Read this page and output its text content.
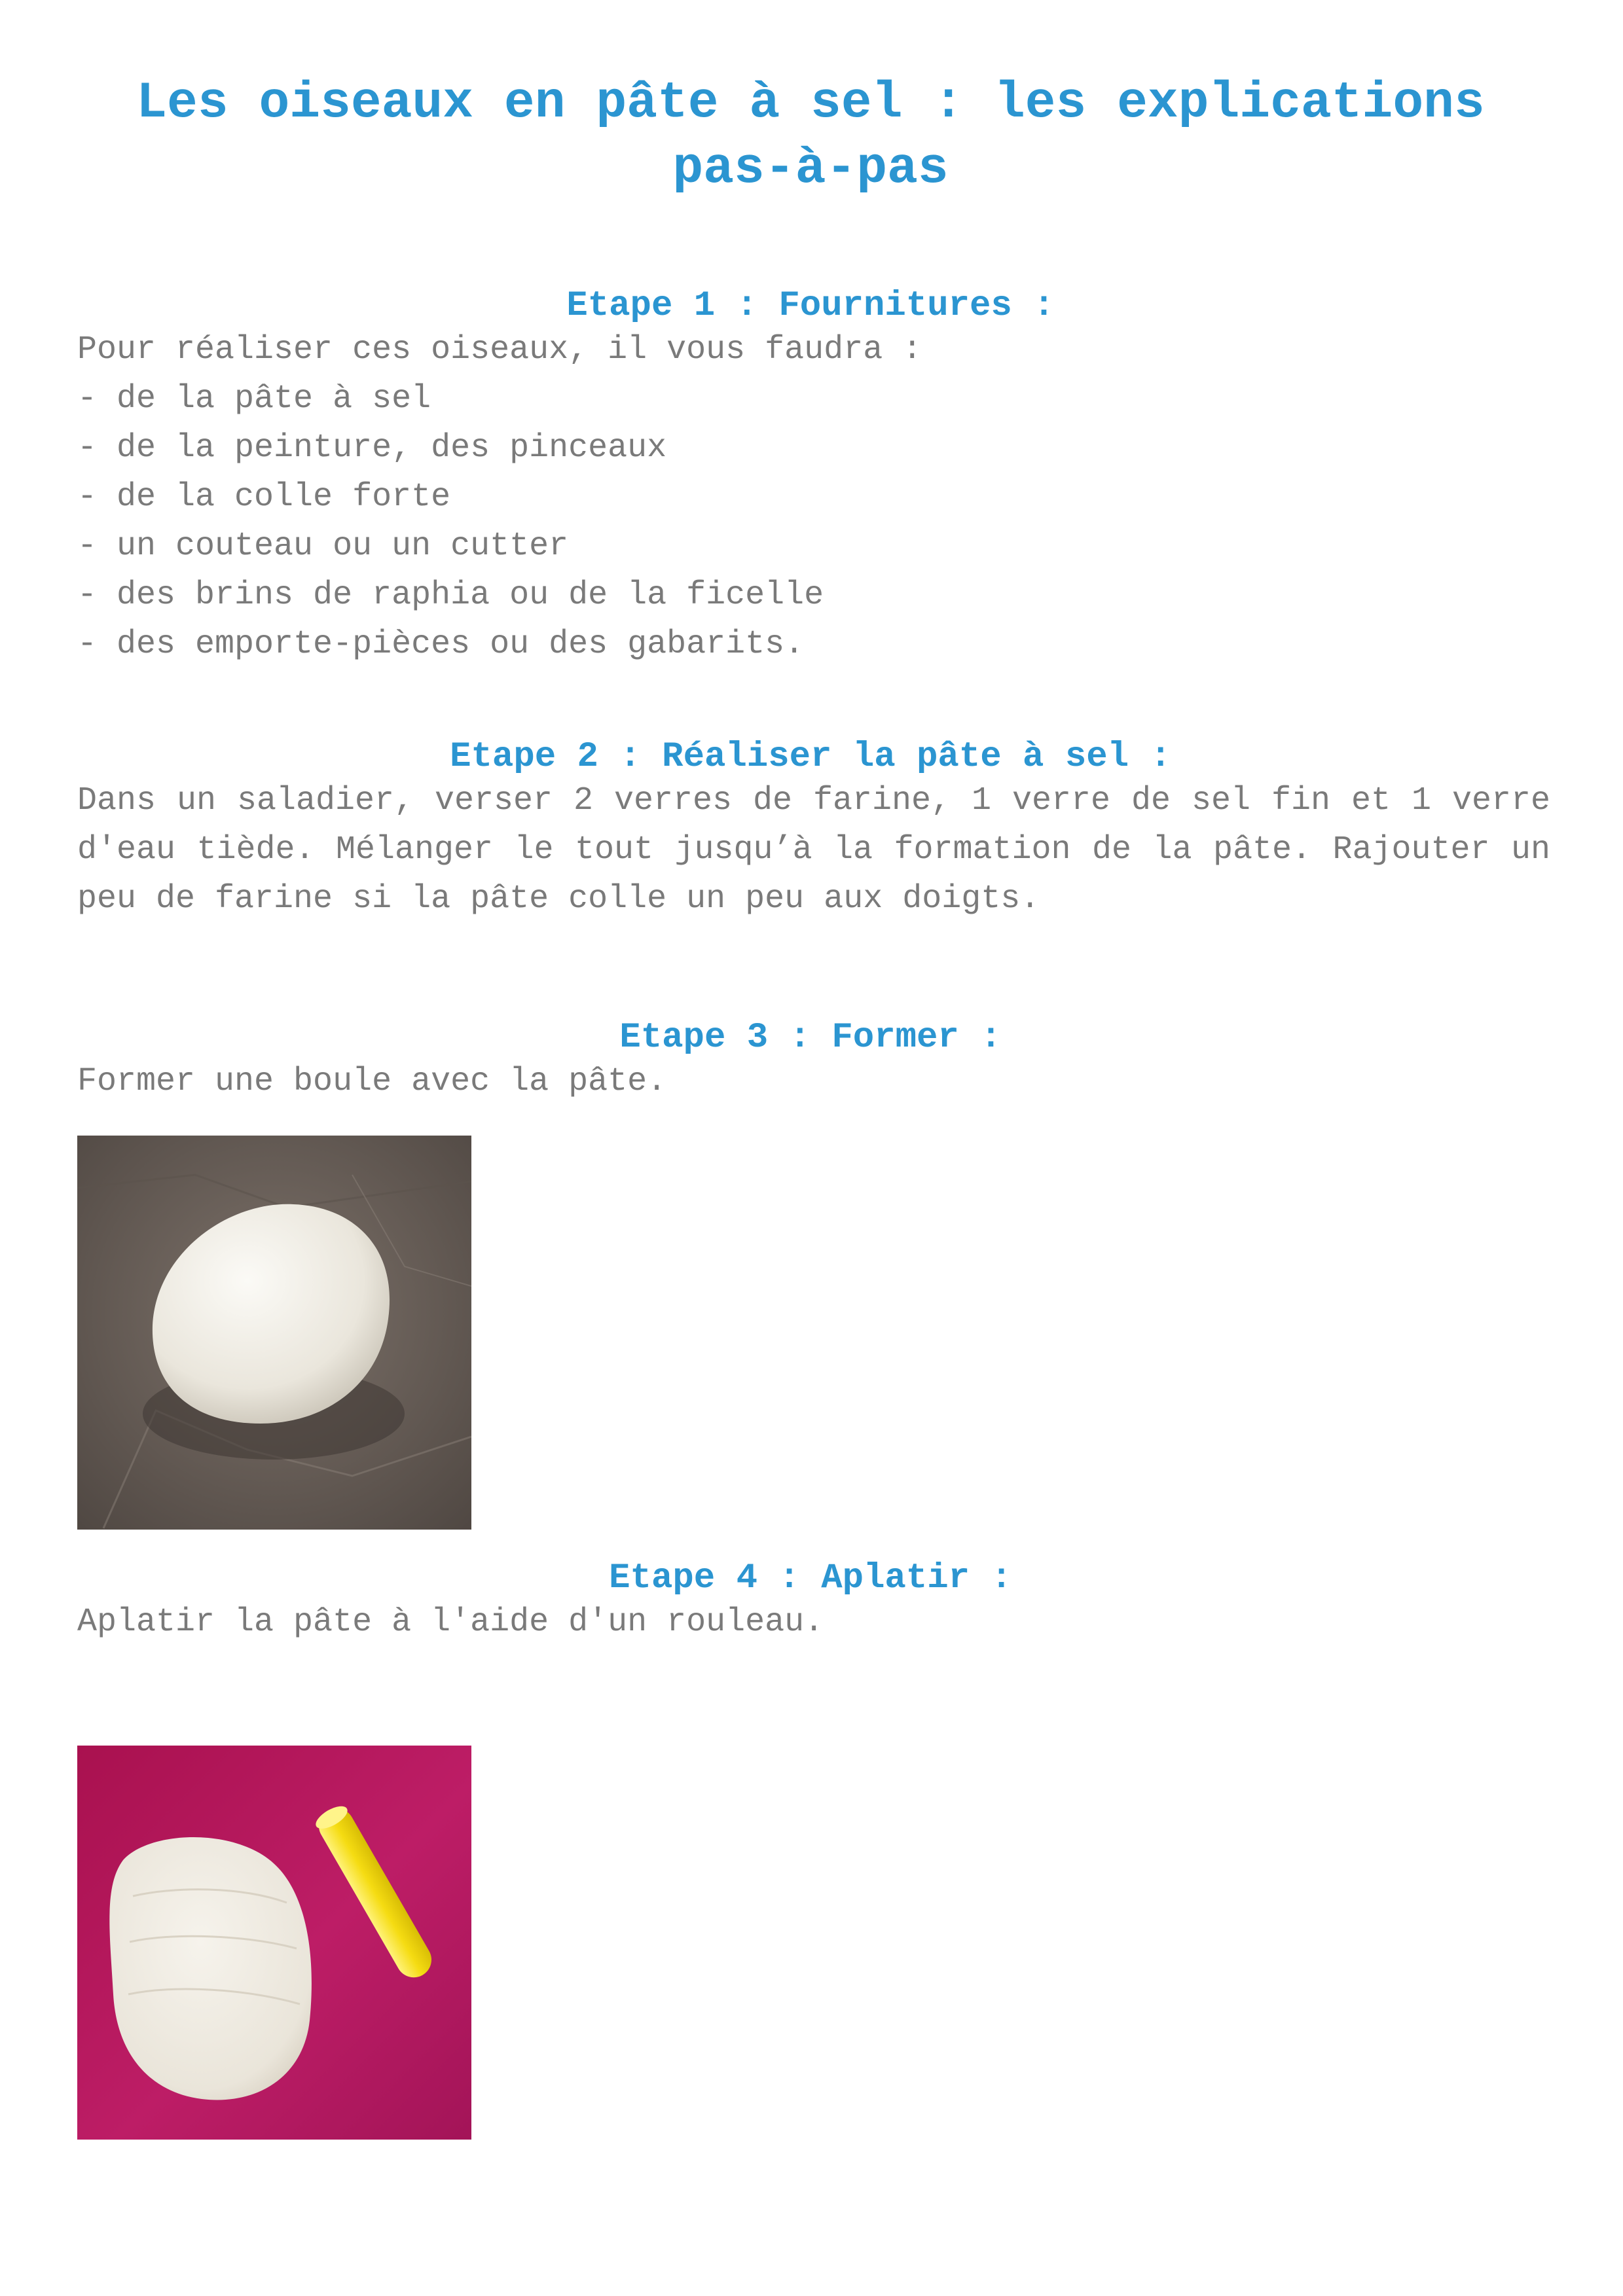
Les oiseaux en pâte à sel : les explications pas-à-pas
Etape 1 : Fournitures :

Pour réaliser ces oiseaux, il vous faudra :

- de la pâte à sel

- de la peinture, des pinceaux

- de la colle forte

- un couteau ou un cutter

- des brins de raphia ou de la ficelle

- des emporte-pièces ou des gabarits.

Etape 2 : Réaliser la pâte à sel :

Dans un saladier, verser 2 verres de farine, 1 verre de sel fin et 1 verre d'eau tiède. Mélanger le tout jusqu’à la formation de la pâte. Rajouter un peu de farine si la pâte colle un peu aux doigts.

Etape 3 : Former :

Former une boule avec la pâte.

Etape 4 : Aplatir :

Aplatir la pâte à l'aide d'un rouleau.
